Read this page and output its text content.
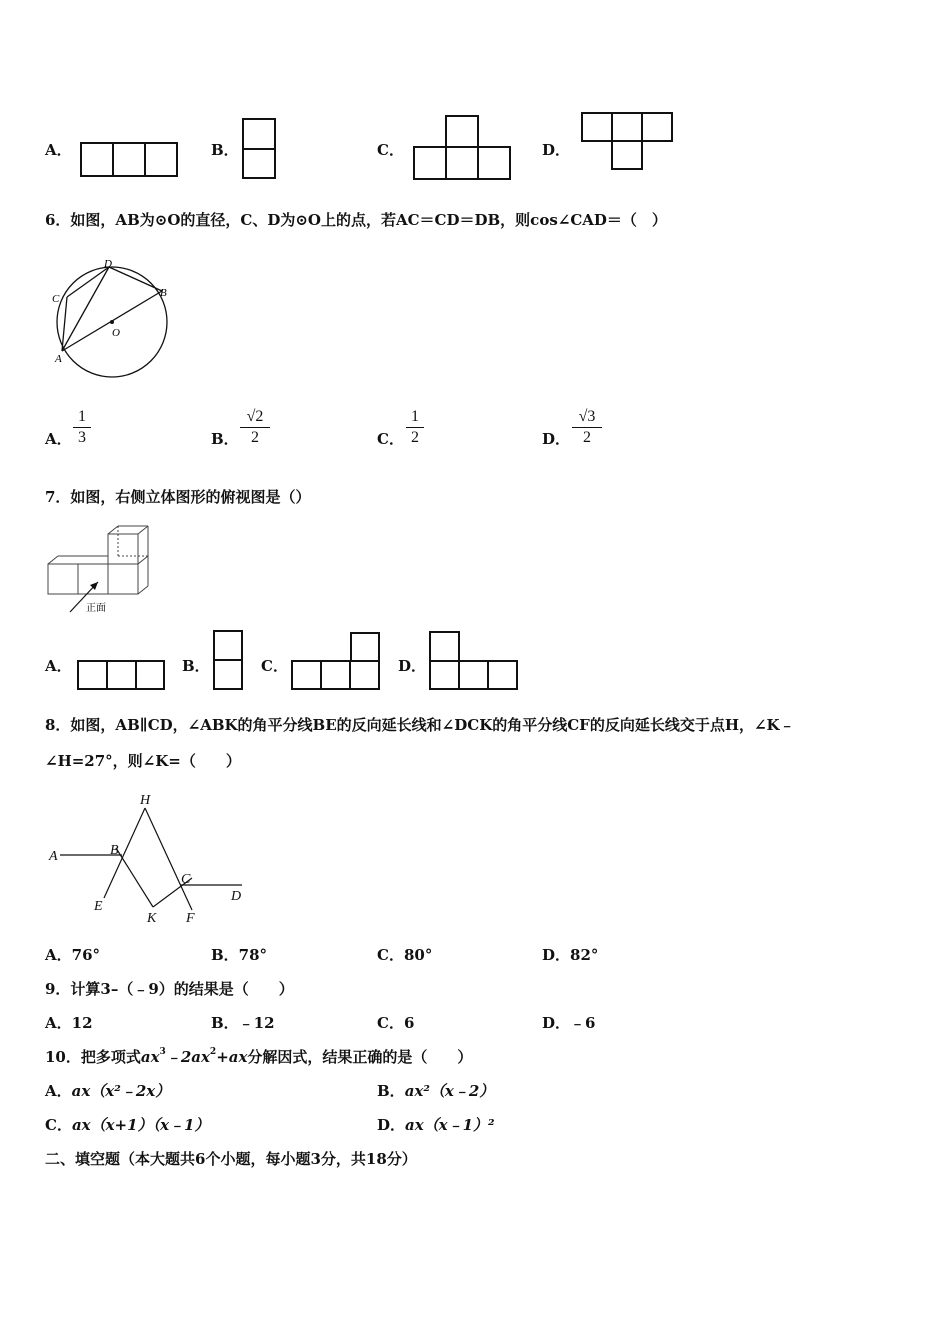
A．	B．	C．	D．
6．如图，AB为⊙O的直径，C、D为⊙O上的点，若AC＝CD＝DB，则cos∠CAD＝（　）
D
C	B
O
A
A． $\frac{1}{3}$	B． $\frac{√2}{2}$	C． $\frac{1}{2}$	D． $\frac{√3}{2}$
7．如图，右侧立体图形的俯视图是（）
正面
A．	B．	C．	D．
8．如图，AB∥CD，∠ABK的角平分线BE的反向延长线和∠DCK的角平分线CF的反向延长线交于点H，∠K﹣
∠H=27°，则∠K=（　　）
H
A	B
C
D
E
K F
A．76°	B．78°	C．80°	D．82°
9．计算3–（﹣9）的结果是（　　）
A．12	B．﹣12	C．6	D．﹣6
10．把多项式$ax^3﹣2ax^2+ax$分解因式，结果正确的是（　　）
A．ax（x²﹣2x）	B．ax²（x﹣2）
C．ax（x+1）（x﹣1）	D．ax（x﹣1）²
二、填空题（本大题共6个小题，每小题3分，共18分）
